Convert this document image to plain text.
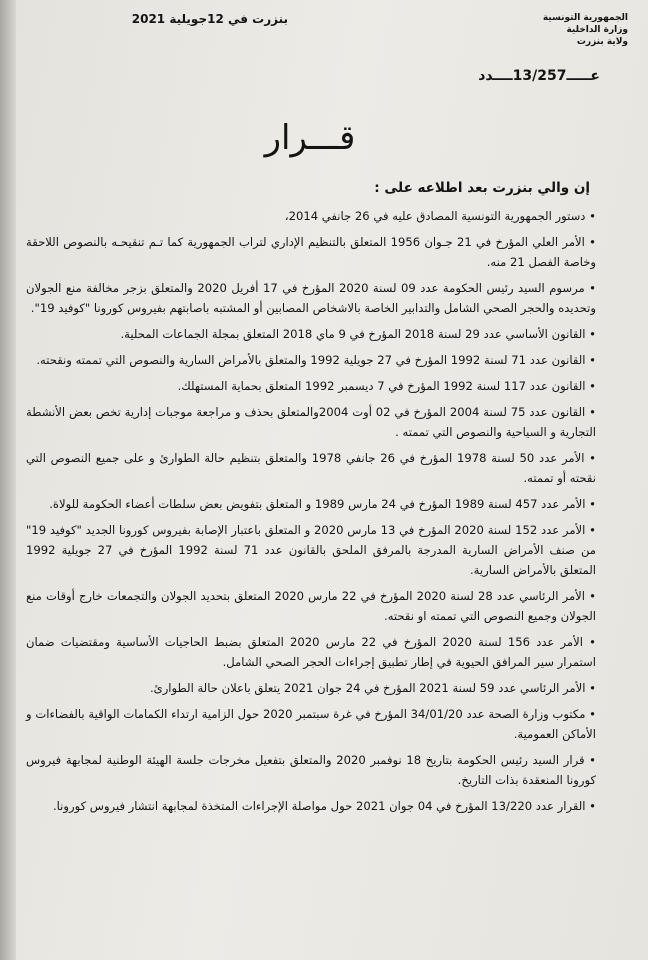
الجمهورية التونسية
وزارة الداخلية
ولاية بنزرت
بنزرت في 12جويلية 2021
عـــــ13/257ــــدد
قـــرار
إن والي بنزرت بعد اطلاعه على :

• دستور الجمهورية التونسية المصادق عليه في 26 جانفي 2014،

• الأمر العلي المؤرخ في 21 جـوان 1956 المتعلق بالتنظيم الإداري لتراب الجمهورية كما تـم تنقيحـه بالنصوص اللاحقة وخاصة الفصل 21 منه.

• مرسوم السيد رئيس الحكومة عدد 09 لسنة 2020 المؤرخ في 17 أفريل 2020 والمتعلق بزجر مخالفة منع الجولان وتحديده والحجر الصحي الشامل والتدابير الخاصة بالاشخاص المصابين أو المشتبه باصابتهم بفيروس كورونا "كوفيد 19".

• القانون الأساسي عدد 29 لسنة 2018 المؤرخ في 9 ماي 2018 المتعلق بمجلة الجماعات المحلية.

• القانون عدد 71 لسنة 1992 المؤرخ في 27 جويلية 1992 والمتعلق بالأمراض السارية والنصوص التي تممته ونقحته.

• القانون عدد 117 لسنة 1992 المؤرخ في 7 ديسمبر 1992 المتعلق بحماية المستهلك.

• القانون عدد 75 لسنة 2004 المؤرخ في 02 أوت 2004والمتعلق بحذف و مراجعة موجبات إدارية تخص بعض الأنشطة التجارية و السياحية والنصوص التي تممته .

• الأمر عدد 50 لسنة 1978 المؤرخ في 26 جانفي 1978 والمتعلق بتنظيم حالة الطوارئ و على جميع النصوص التي نقحته أو تممته.

• الأمر عدد 457 لسنة 1989 المؤرخ في 24 مارس 1989 و المتعلق بتفويض بعض سلطات أعضاء الحكومة للولاة.

• الأمر عدد 152 لسنة 2020 المؤرخ في 13 مارس 2020 و المتعلق باعتبار الإصابة بفيروس كورونا الجديد "كوفيد 19" من صنف الأمراض السارية المدرجة بالمرفق الملحق بالقانون عدد 71 لسنة 1992 المؤرخ في 27 جويلية 1992 المتعلق بالأمراض السارية.

• الأمر الرئاسي عدد 28 لسنة 2020 المؤرخ في 22 مارس 2020 المتعلق بتحديد الجولان والتجمعات خارج أوقات منع الجولان وجميع النصوص التي تممته او نقحته.

• الأمر عدد 156 لسنة 2020 المؤرخ في 22 مارس 2020 المتعلق بضبط الحاجيات الأساسية ومقتضيات ضمان استمرار سير المرافق الحيوية في إطار تطبيق إجراءات الحجر الصحي الشامل.

• الأمر الرئاسي عدد 59 لسنة 2021 المؤرخ في 24 جوان 2021 يتعلق باعلان حالة الطوارئ.

• مكتوب وزارة الصحة عدد 34/01/20 المؤرخ في غرة سبتمبر 2020 حول الزامية ارتداء الكمامات الواقية بالفضاءات و الأماكن العمومية.

• قرار السيد رئيس الحكومة بتاريخ 18 نوفمبر 2020 والمتعلق بتفعيل مخرجات جلسة الهيئة الوطنية لمجابهة فيروس كورونا المنعقدة بذات التاريخ.

• القرار عدد 13/220 المؤرخ في 04 جوان 2021 حول مواصلة الإجراءات المتخذة لمجابهة انتشار فيروس كورونا.
